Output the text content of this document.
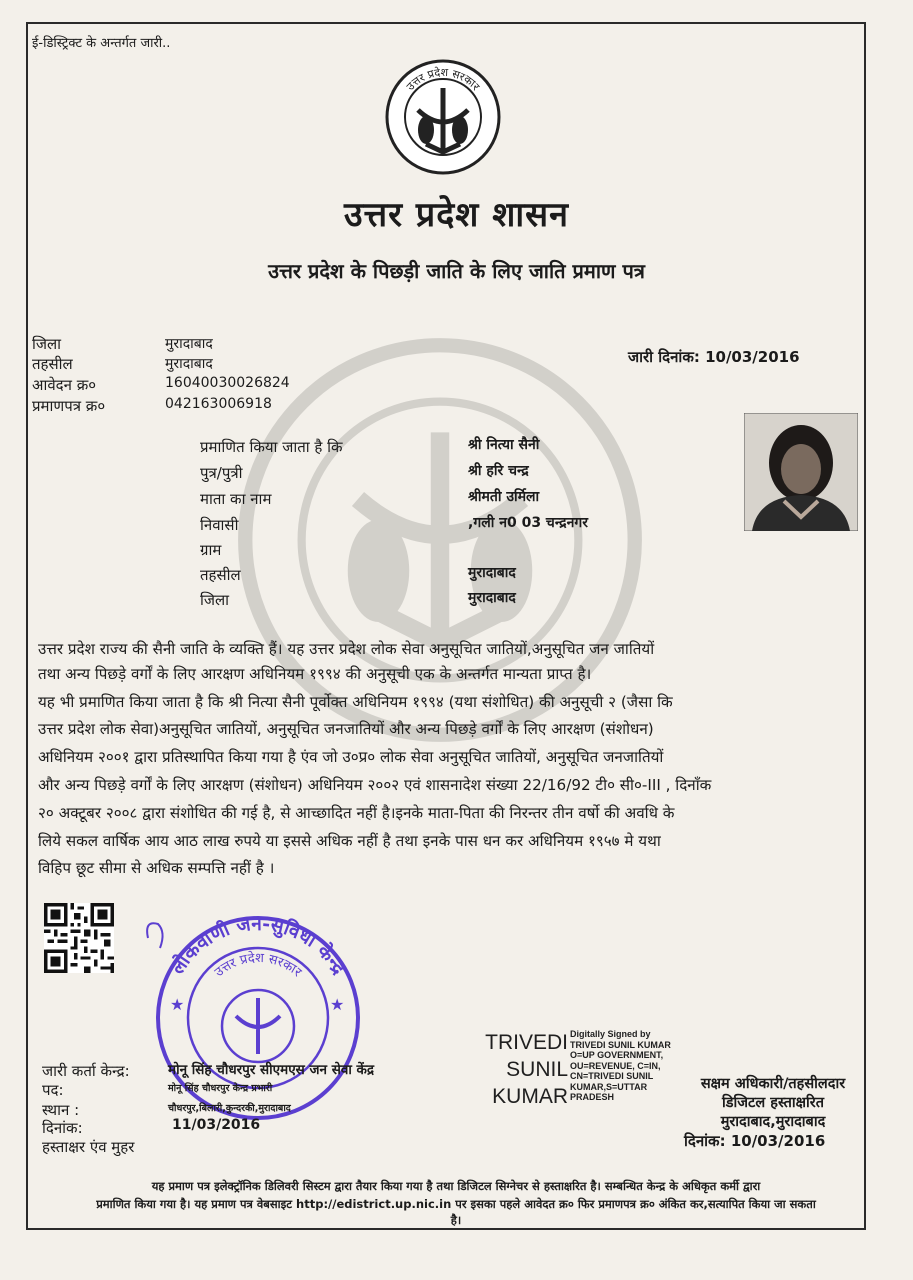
ई-डिस्ट्रिक्ट के अन्तर्गत जारी..
उत्तर प्रदेश सरकार
उत्तर प्रदेश शासन
उत्तर प्रदेश के पिछड़ी जाति के लिए जाति प्रमाण पत्र
जिला	मुरादाबाद
तहसील	मुरादाबाद
आवेदन क्र०	16040030026824
प्रमाणपत्र क्र०	042163006918
जारी दिनांक: 10/03/2016
प्रमाणित किया जाता है कि	श्री नित्या सैनी
पुत्र/पुत्री	श्री हरि चन्द्र
माता का नाम	श्रीमती उर्मिला
निवासी	,गली न0 03 चन्द्रनगर
ग्राम
तहसील	मुरादाबाद
जिला	मुरादाबाद
उत्तर प्रदेश राज्य की सैनी जाति के व्यक्ति हैं। यह उत्तर प्रदेश लोक सेवा अनुसूचित जातियों,अनुसूचित जन जातियों
तथा अन्य पिछड़े वर्गों के लिए आरक्षण अधिनियम १९९४ की अनुसूची एक के अन्तर्गत मान्यता प्राप्त है।
यह भी प्रमाणित किया जाता है कि श्री नित्या सैनी पूर्वोक्त अधिनियम १९९४ (यथा संशोधित) की अनुसूची २ (जैसा कि
उत्तर प्रदेश लोक सेवा)अनुसूचित जातियों, अनुसूचित जनजातियों और अन्य पिछड़े वर्गों के लिए आरक्षण (संशोधन)
अधिनियम २००१ द्वारा प्रतिस्थापित किया गया है एंव जो उ०प्र० लोक सेवा अनुसूचित जातियों, अनुसूचित जनजातियों
और अन्य पिछड़े वर्गों के लिए आरक्षण (संशोधन) अधिनियम २००२ एवं शासनादेश संख्या 22/16/92 टी० सी०-III , दिनाँक
२० अक्टूबर २००८ द्वारा संशोधित की गई है, से आच्छादित नहीं है।इनके माता-पिता की निरन्तर तीन वर्षो की अवधि के
लिये सकल वार्षिक आय आठ लाख रुपये या इससे अधिक नहीं है तथा इनके पास धन कर अधिनियम १९५७ मे यथा
विहिप छूट सीमा से अधिक सम्पत्ति नहीं है ।
लोकवाणी जन-सुविधा केन्द्र
उत्तर प्रदेश सरकार
★	★
जारी कर्ता केन्द्र:	मोनू सिंह चौधरपुर सीएमएस जन सेवा केंद्र
पद:	मोनू सिंह चौधरपुर केन्द्र प्रभारी
स्थान :	चौधरपुर,बिलारी,कुन्दरकी,मुरादाबाद
दिनांक:	11/03/2016
हस्ताक्षर एंव मुहर
TRIVEDI
SUNIL
KUMAR
Digitally Signed by
TRIVEDI SUNIL KUMAR
O=UP GOVERNMENT,
OU=REVENUE, C=IN,
CN=TRIVEDI SUNIL
KUMAR,S=UTTAR
PRADESH
सक्षम अधिकारी/तहसीलदार
डिजिटल हस्ताक्षरित
मुरादाबाद,मुरादाबाद
दिनांक: 10/03/2016
यह प्रमाण पत्र इलेक्ट्रॉनिक डिलिवरी सिस्टम द्वारा तैयार किया गया है तथा डिजिटल सिग्नेचर से हस्ताक्षरित है। सम्बन्धित केन्द्र के अधिकृत कर्मी द्वारा
प्रमाणित किया गया है। यह प्रमाण पत्र वेबसाइट http://edistrict.up.nic.in पर इसका पहले आवेदत क्र० फिर प्रमाणपत्र क्र० अंकित कर,सत्यापित किया जा सकता
है।
